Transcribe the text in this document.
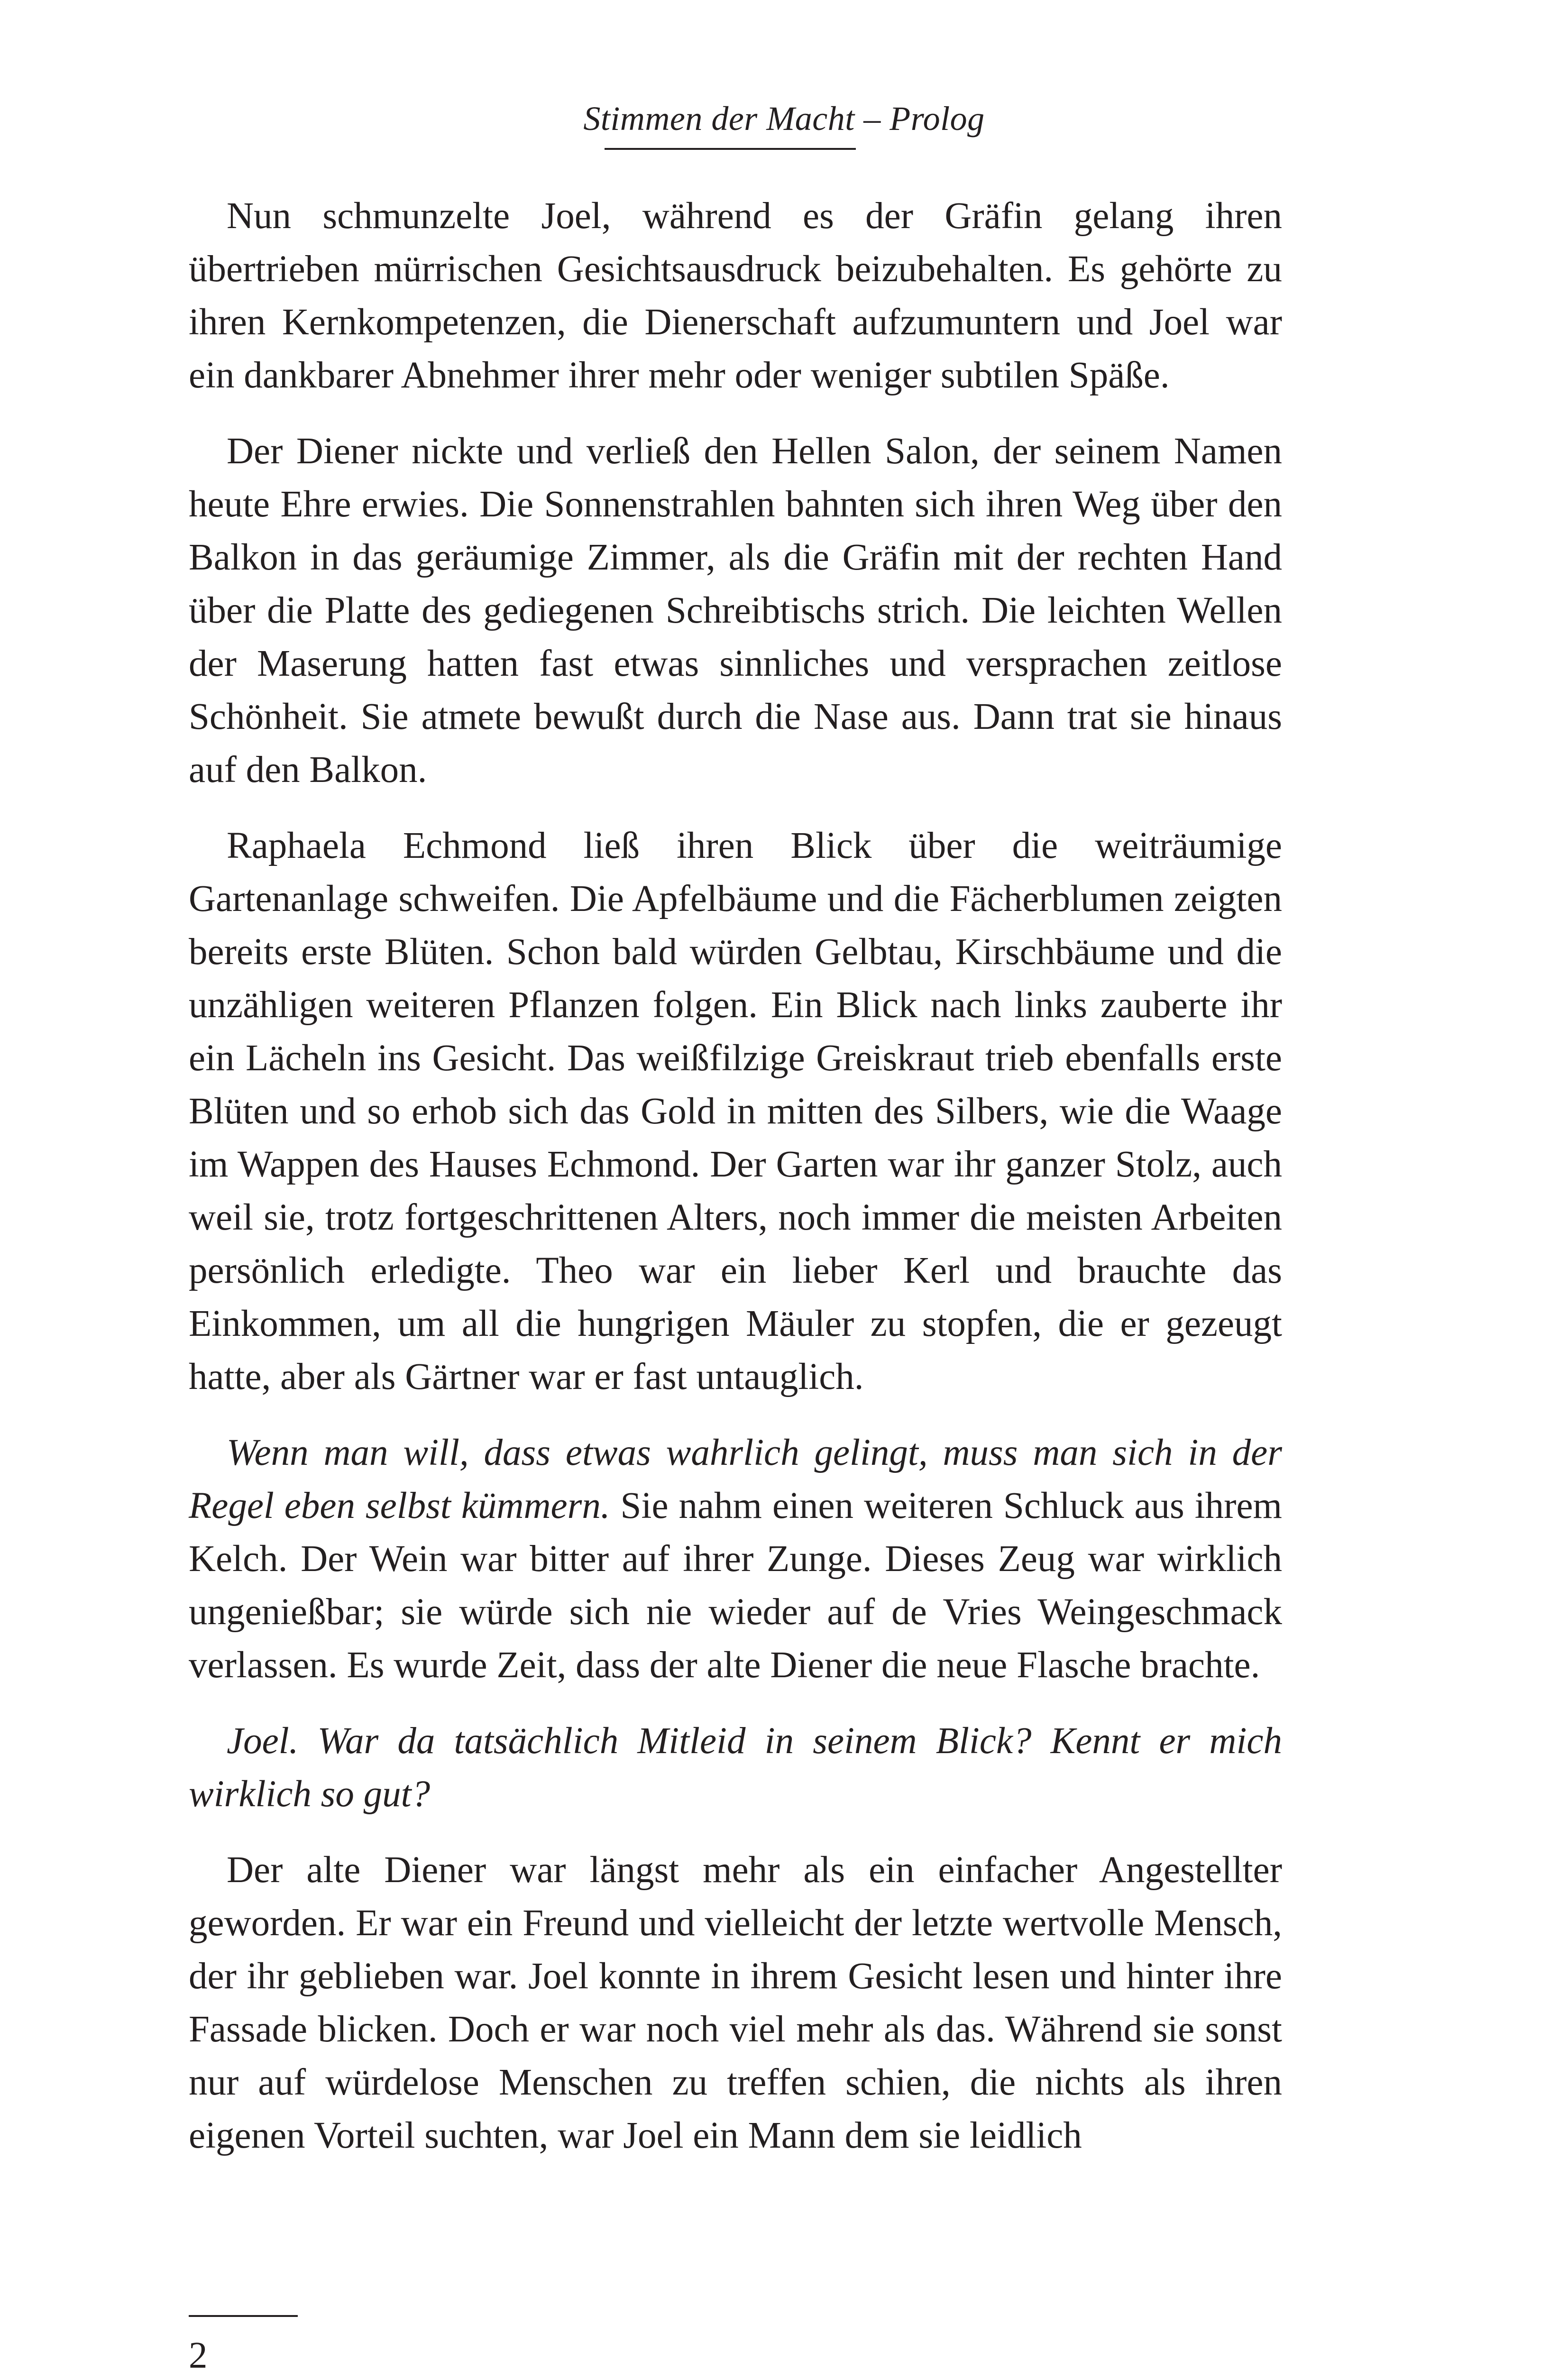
Stimmen der Macht – Prolog

Nun schmunzelte Joel, während es der Gräfin gelang ihren übertrieben mürrischen Gesichtsausdruck beizubehalten. Es gehörte zu ihren Kernkompetenzen, die Dienerschaft aufzumuntern und Joel war ein dankbarer Abnehmer ihrer mehr oder weniger subtilen Späße.

Der Diener nickte und verließ den Hellen Salon, der seinem Namen heute Ehre erwies. Die Sonnenstrahlen bahnten sich ihren Weg über den Balkon in das geräumige Zimmer, als die Gräfin mit der rechten Hand über die Platte des gediegenen Schreibtischs strich. Die leichten Wellen der Maserung hatten fast etwas sinnliches und versprachen zeitlose Schönheit. Sie atmete bewußt durch die Nase aus. Dann trat sie hinaus auf den Balkon.

Raphaela Echmond ließ ihren Blick über die weiträumige Gartenanlage schweifen. Die Apfelbäume und die Fächerblumen zeigten bereits erste Blüten. Schon bald würden Gelbtau, Kirschbäume und die unzähligen weiteren Pflanzen folgen. Ein Blick nach links zauberte ihr ein Lächeln ins Gesicht. Das weißfilzige Greiskraut trieb ebenfalls erste Blüten und so erhob sich das Gold in mitten des Silbers, wie die Waage im Wappen des Hauses Echmond. Der Garten war ihr ganzer Stolz, auch weil sie, trotz fortgeschrittenen Alters, noch immer die meisten Arbeiten persönlich erledigte. Theo war ein lieber Kerl und brauchte das Einkommen, um all die hungrigen Mäuler zu stopfen, die er gezeugt hatte, aber als Gärtner war er fast untauglich.

Wenn man will, dass etwas wahrlich gelingt, muss man sich in der Regel eben selbst kümmern. Sie nahm einen weiteren Schluck aus ihrem Kelch. Der Wein war bitter auf ihrer Zunge. Dieses Zeug war wirklich ungenießbar; sie würde sich nie wieder auf de Vries Weingeschmack verlassen. Es wurde Zeit, dass der alte Diener die neue Flasche brachte.

Joel. War da tatsächlich Mitleid in seinem Blick? Kennt er mich wirklich so gut?

Der alte Diener war längst mehr als ein einfacher Angestellter geworden. Er war ein Freund und vielleicht der letzte wertvolle Mensch, der ihr geblieben war. Joel konnte in ihrem Gesicht lesen und hinter ihre Fassade blicken. Doch er war noch viel mehr als das. Während sie sonst nur auf würdelose Menschen zu treffen schien, die nichts als ihren eigenen Vorteil suchten, war Joel ein Mann dem sie leidlich

2
